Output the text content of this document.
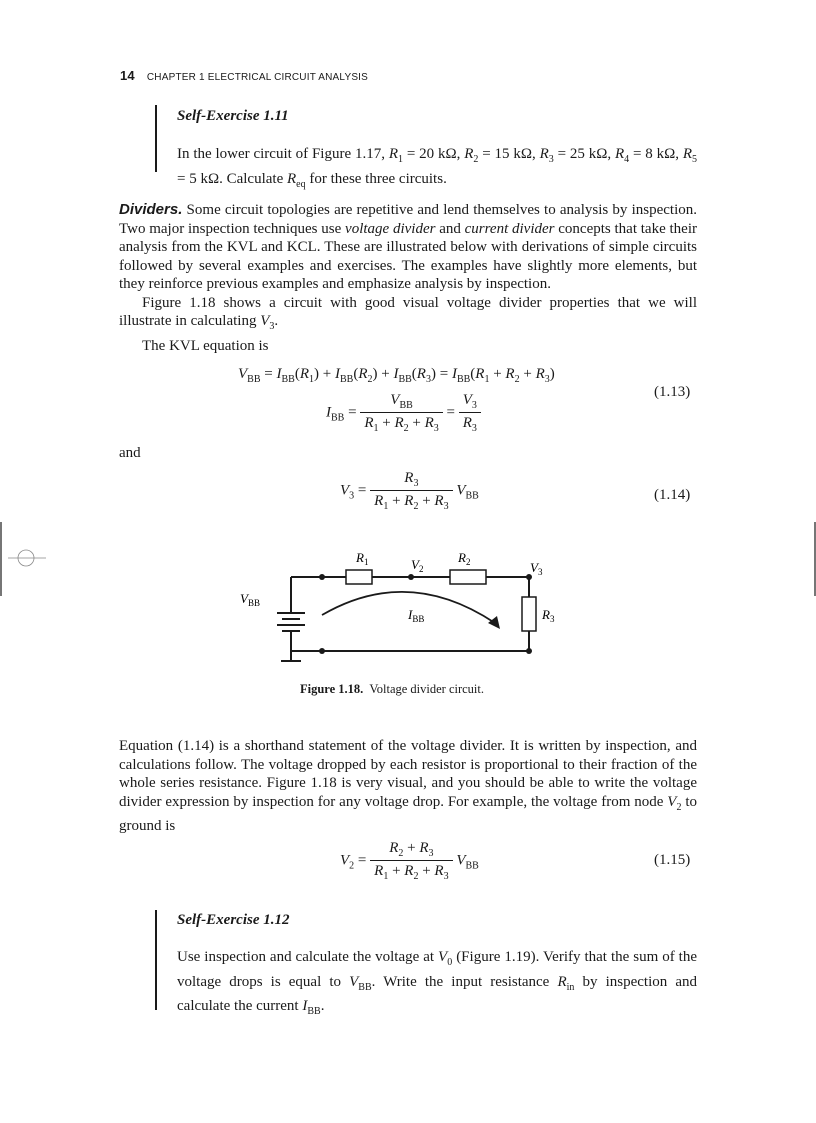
14 CHAPTER 1 ELECTRICAL CIRCUIT ANALYSIS
Self-Exercise 1.11

In the lower circuit of Figure 1.17, $R_1 = 20$ kΩ, $R_2 = 15$ kΩ, $R_3 = 25$ kΩ, $R_4 = 8$ kΩ, $R_5 = 5$ kΩ. Calculate $R_{eq}$ for these three circuits.

Dividers. Some circuit topologies are repetitive and lend themselves to analysis by inspection. Two major inspection techniques use voltage divider and current divider concepts that take their analysis from the KVL and KCL. These are illustrated below with derivations of simple circuits followed by several examples and exercises. The examples have slightly more elements, but they reinforce previous examples and emphasize analysis by inspection.

Figure 1.18 shows a circuit with good visual voltage divider properties that we will illustrate in calculating $V_3$.

The KVL equation is

$V_{BB} = I_{BB}(R_1) + I_{BB}(R_2) + I_{BB}(R_3) = I_{BB}(R_1 + R_2 + R_3)$
$I_{BB} = \frac{V_{BB}}{R_1 + R_2 + R_3} = \frac{V_3}{R_3}$	(1.13)
and
$V_3 = \frac{R_3}{R_1 + R_2 + R_3} V_{BB}$	(1.14)
$R_1$	$V_2$
$R_2$	$V_3$
$V_{BB}$
$I_{BB}$	$R_3$
Figure 1.18.  Voltage divider circuit.

Equation (1.14) is a shorthand statement of the voltage divider. It is written by inspection, and calculations follow. The voltage dropped by each resistor is proportional to their fraction of the whole series resistance. Figure 1.18 is very visual, and you should be able to write the voltage divider expression by inspection for any voltage drop. For example, the voltage from node $V_2$ to ground is

$V_2 = \frac{R_2 + R_3}{R_1 + R_2 + R_3} V_{BB}$	(1.15)
Self-Exercise 1.12

Use inspection and calculate the voltage at $V_0$ (Figure 1.19). Verify that the sum of the voltage drops is equal to $V_{BB}$. Write the input resistance $R_{in}$ by inspection and calculate the current $I_{BB}$.
